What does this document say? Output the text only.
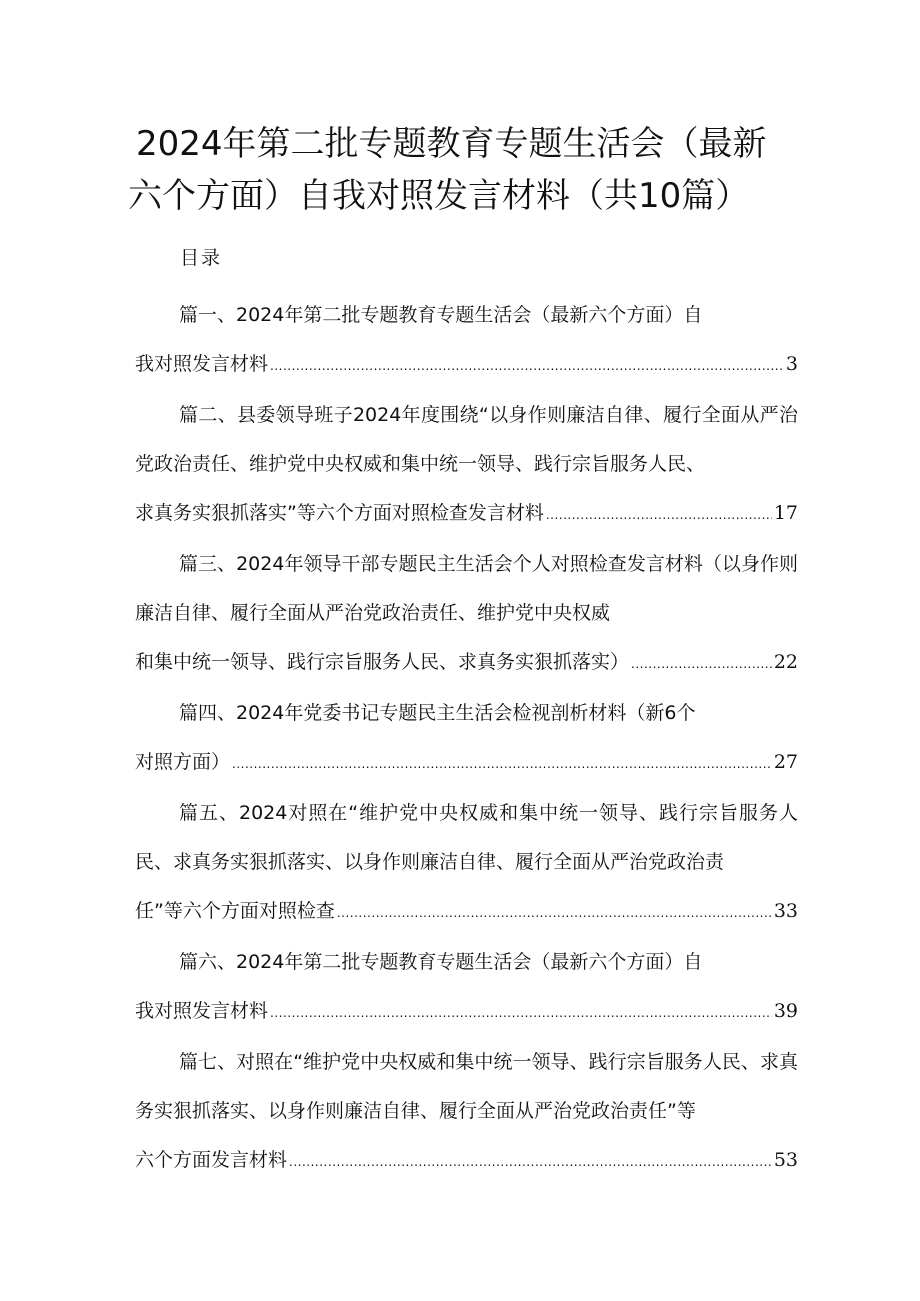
2024年第二批专题教育专题生活会（最新六个方面）自我对照发言材料（共10篇）
目录
篇一、2024年第二批专题教育专题生活会（最新六个方面）自
我对照发言材料 .....	3
篇二、县委领导班子2024年度围绕“以身作则廉洁自律、履行全面从严治党政治责任、维护党中央权威和集中统一领导、践行宗旨服务人民、
求真务实狠抓落实”等六个方面对照检查发言材料 .....	17
篇三、2024年领导干部专题民主生活会个人对照检查发言材料（以身作则廉洁自律、履行全面从严治党政治责任、维护党中央权威
和集中统一领导、践行宗旨服务人民、求真务实狠抓落实） .....	22
篇四、2024年党委书记专题民主生活会检视剖析材料（新6个
对照方面） .....	27
篇五、2024对照在“维护党中央权威和集中统一领导、践行宗旨服务人民、求真务实狠抓落实、以身作则廉洁自律、履行全面从严治党政治责
任”等六个方面对照检查 .....	33
篇六、2024年第二批专题教育专题生活会（最新六个方面）自
我对照发言材料 .....	39
篇七、对照在“维护党中央权威和集中统一领导、践行宗旨服务人民、求真务实狠抓落实、以身作则廉洁自律、履行全面从严治党政治责任”等
六个方面发言材料 .....	53
